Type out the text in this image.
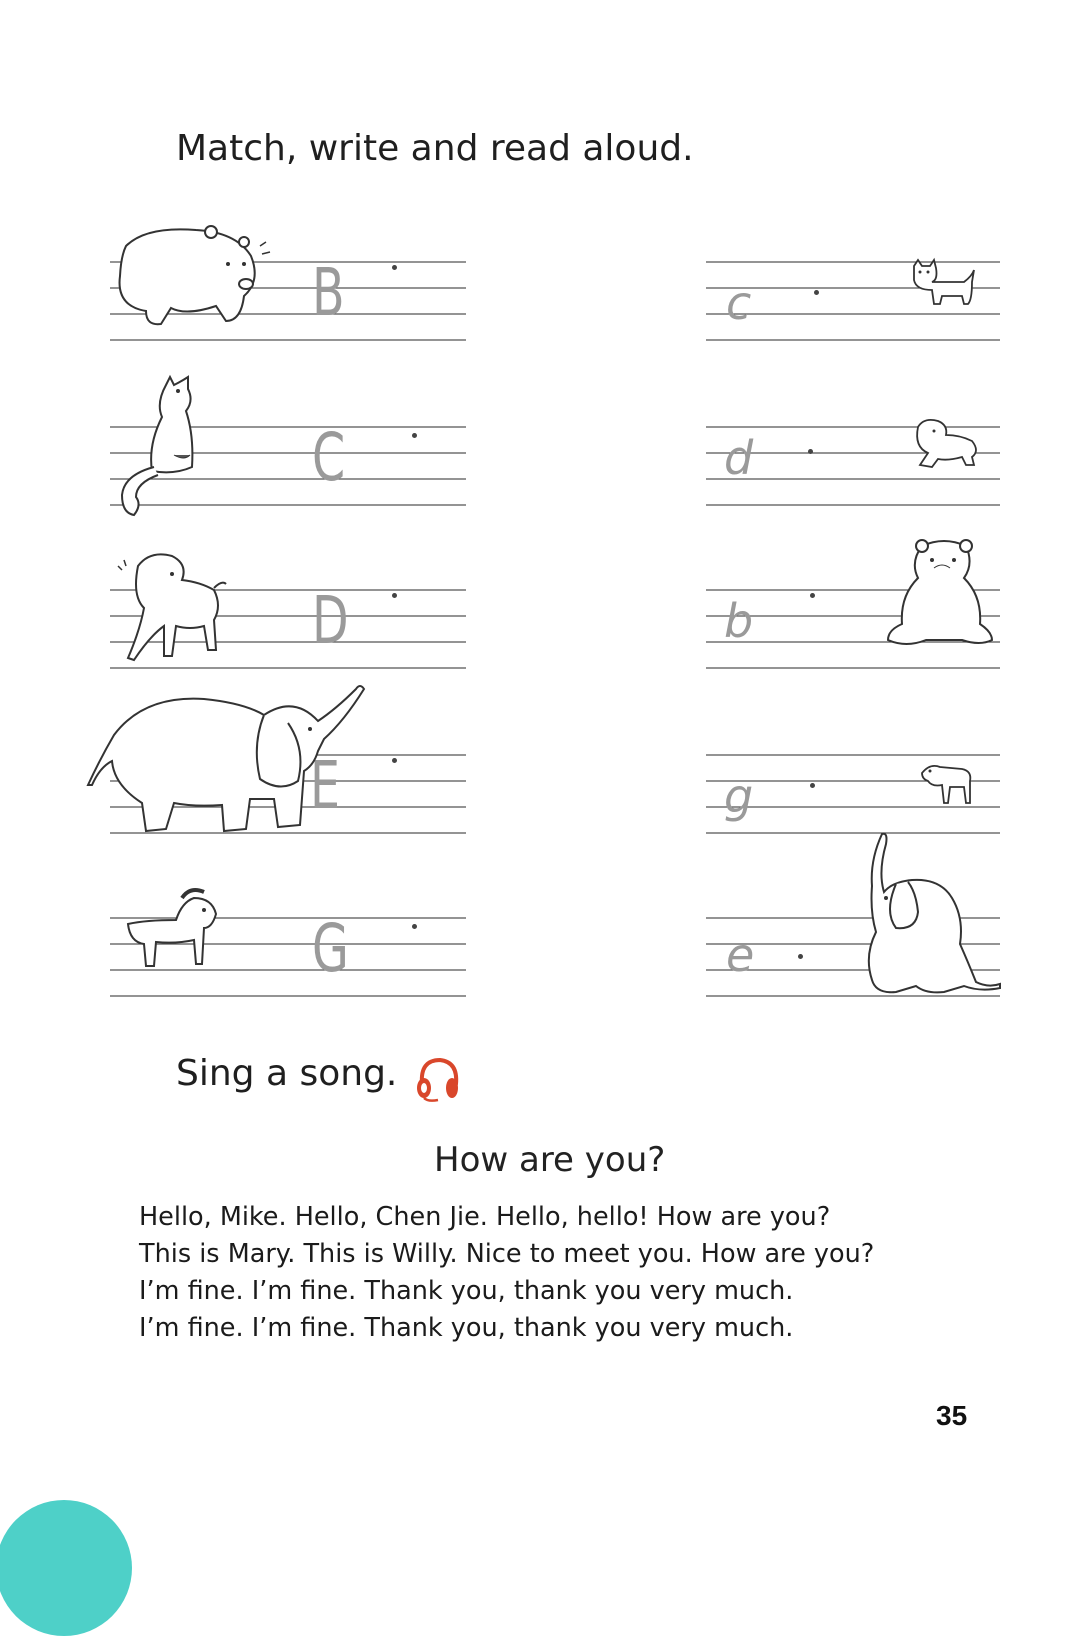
Match, write and read aloud.
B
C
D
E
G
c
d
b
g
e
Sing a song.
How are you?
Hello, Mike. Hello, Chen Jie. Hello, hello! How are you?
This is Mary. This is Willy. Nice to meet you. How are you?
I’m fine. I’m fine. Thank you, thank you very much.
I’m fine. I’m fine. Thank you, thank you very much.
35
